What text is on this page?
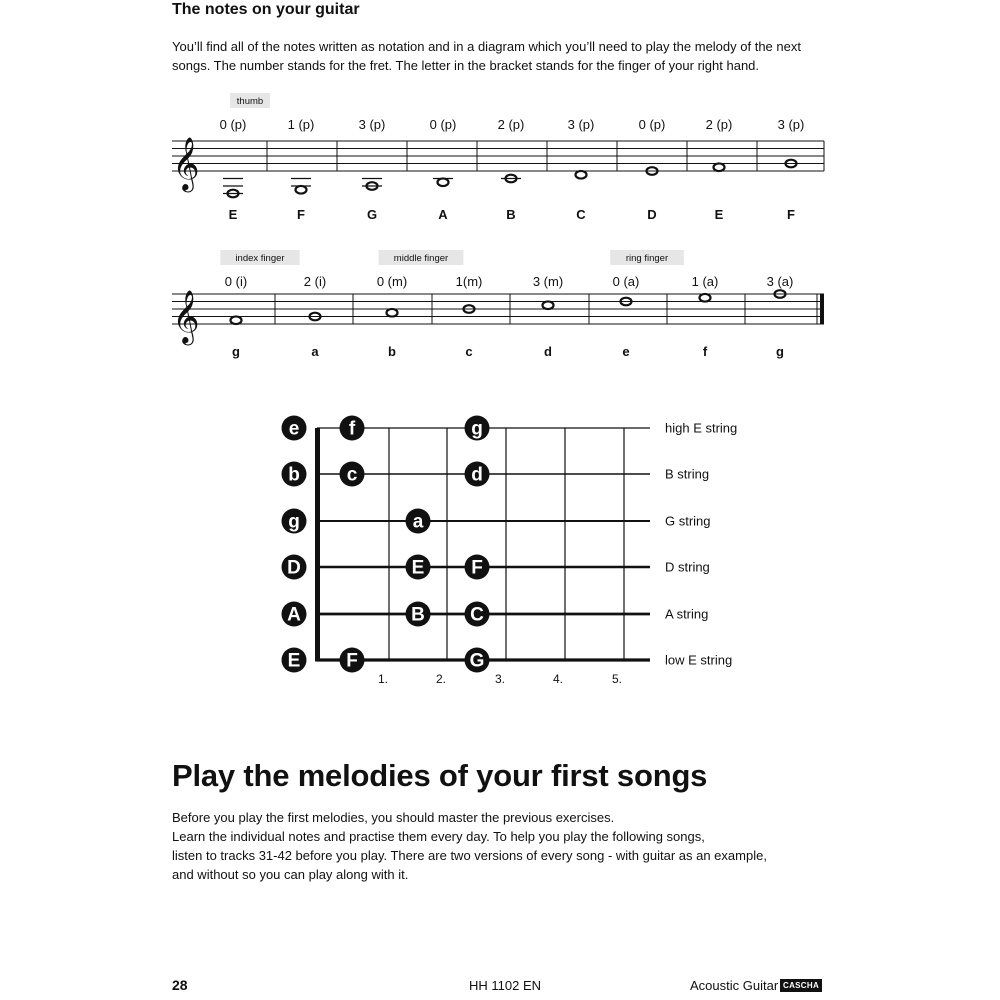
The notes on your guitar
You’ll find all of the notes written as notation and in a diagram which you’ll need to play the melody of the next
songs. The number stands for the fret. The letter in the bracket stands for the finger of your right hand.
𝄞
0 (p)
E
1 (p)
F
3 (p)
G
0 (p)
A
2 (p)
B
3 (p)
C
0 (p)
D
2 (p)
E
3 (p)
F
thumb
𝄞
0 (i)
g
2 (i)
a
0 (m)
b
1(m)
c
3 (m)
d
0 (a)
e
1 (a)
f
3 (a)
g
index finger	middle finger	ring finger
e
b
g
D
A
E
f	g
c	d
a
E F
B C
F	G
high E string
B string
G string
D string
A string
low E string
1.	2.	3.	4.	5.
Play the melodies of your first songs
Before you play the first melodies, you should master the previous exercises.
Learn the individual notes and practise them every day. To help you play the following songs,
listen to tracks 31-42 before you play. There are two versions of every song - with guitar as an example,
and without so you can play along with it.
28	HH 1102 EN	Acoustic Guitar CASCHA
